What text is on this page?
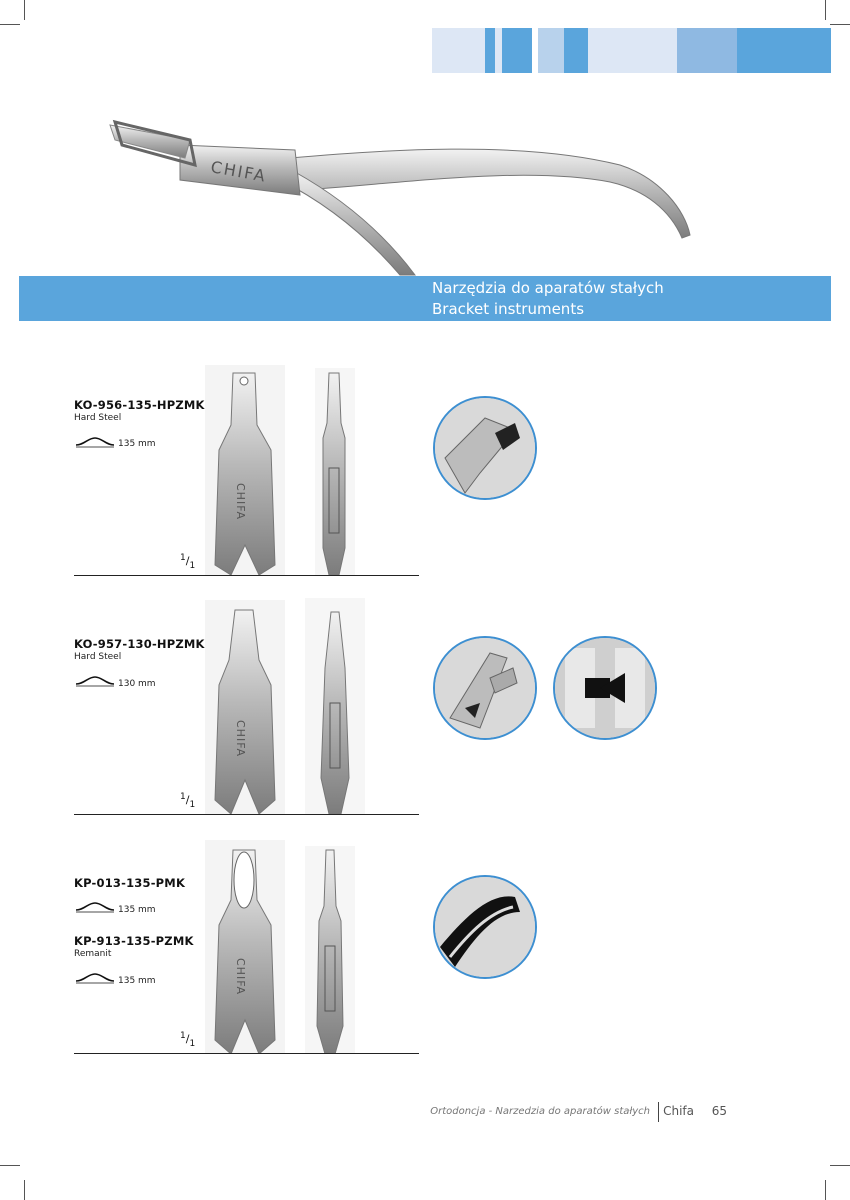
Narzędzia do aparatów stałych
Bracket instruments
CHIFA
KO-956-135-HPZMK
Hard Steel
135 mm
$^1/_1$
CHIFA
KO-957-130-HPZMK
Hard Steel
130 mm
$^1/_1$
CHIFA
KP-013-135-PMK
135 mm
KP-913-135-PZMK
Remanit
135 mm
$^1/_1$
CHIFA
Ortodoncja - Narzedzia do aparatów stałych Chifa 65
